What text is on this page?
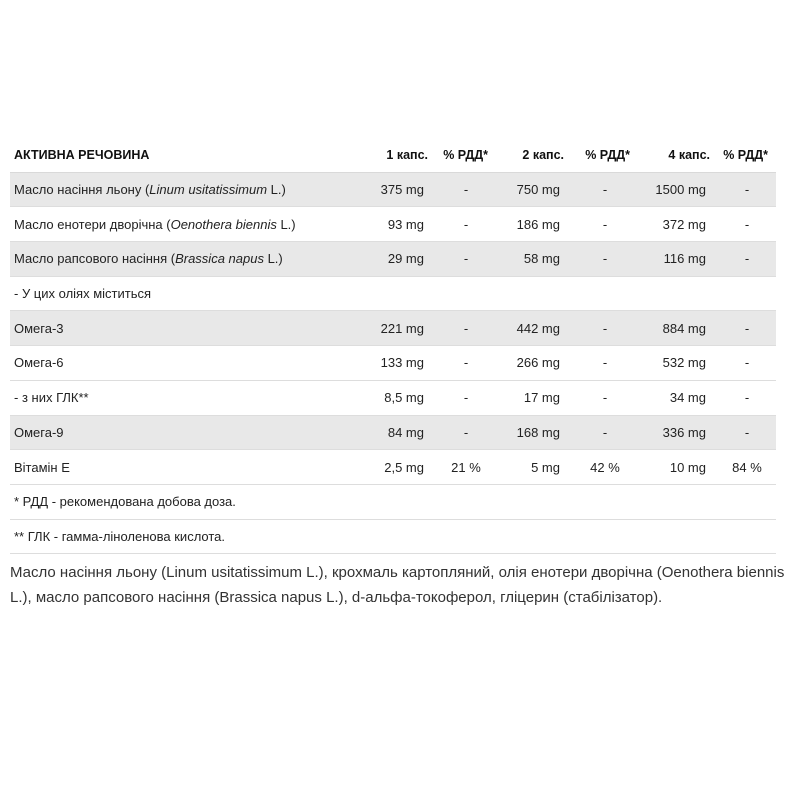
АКТИВНА РЕЧОВИНА	1 капс.	% РДД*	2 капс.	% РДД*	4 капс.	% РДД*
Масло насіння льону (Linum usitatissimum L.)	375 mg	-	750 mg	-	1500 mg	-
Масло енотери дворічна (Oenothera biennis L.)	93 mg	-	186 mg	-	372 mg	-
Масло рапсового насіння (Brassica napus L.)	29 mg	-	58 mg	-	116 mg	-
- У цих оліях міститься						
Омега-3	221 mg	-	442 mg	-	884 mg	-
Омега-6	133 mg	-	266 mg	-	532 mg	-
- з них ГЛК**	8,5 mg	-	17 mg	-	34 mg	-
Омега-9	84 mg	-	168 mg	-	336 mg	-
Вітамін Е	2,5 mg	21 %	5 mg	42 %	10 mg	84 %
* РДД - рекомендована добова доза.						
** ГЛК - гамма-ліноленова кислота.						

Масло насіння льону (Linum usitatissimum L.), крохмаль картопляний, олія енотери дворічна (Oenothera biennis L.), масло рапсового насіння (Brassica napus L.), d-альфа-токоферол, гліцерин (стабілізатор).
